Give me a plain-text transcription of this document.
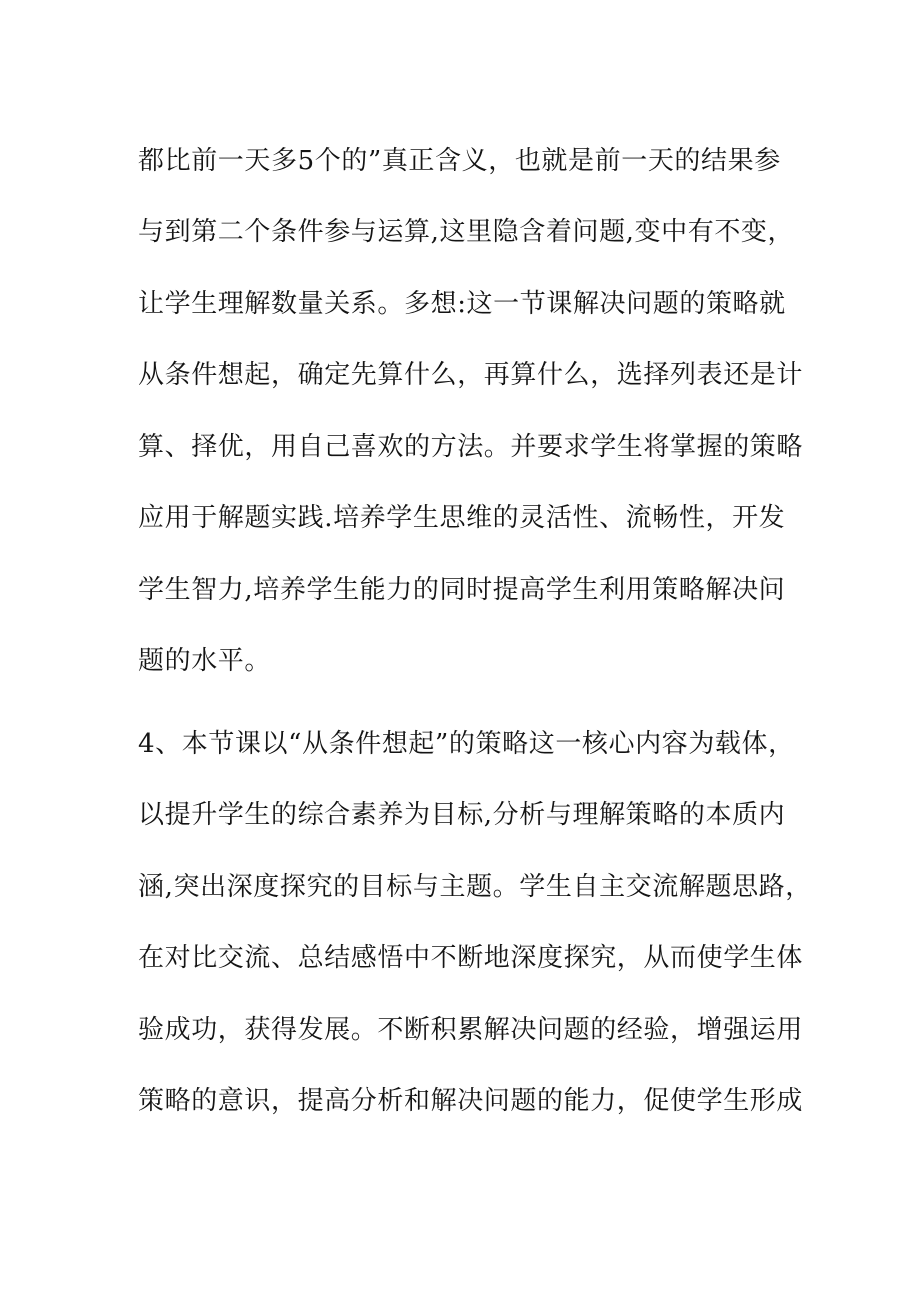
都比前一天多5个的”真正含义，也就是前一天的结果参
与到第二个条件参与运算,这里隐含着问题,变中有不变，
让学生理解数量关系。多想:这一节课解决问题的策略就
从条件想起，确定先算什么，再算什么，选择列表还是计
算、择优，用自己喜欢的方法。并要求学生将掌握的策略
应用于解题实践.培养学生思维的灵活性、流畅性，开发
学生智力,培养学生能力的同时提高学生利用策略解决问
题的水平。
4、本节课以“从条件想起”的策略这一核心内容为载体，
以提升学生的综合素养为目标,分析与理解策略的本质内
涵,突出深度探究的目标与主题。学生自主交流解题思路，
在对比交流、总结感悟中不断地深度探究，从而使学生体
验成功，获得发展。不断积累解决问题的经验，增强运用
策略的意识，提高分析和解决问题的能力，促使学生形成
